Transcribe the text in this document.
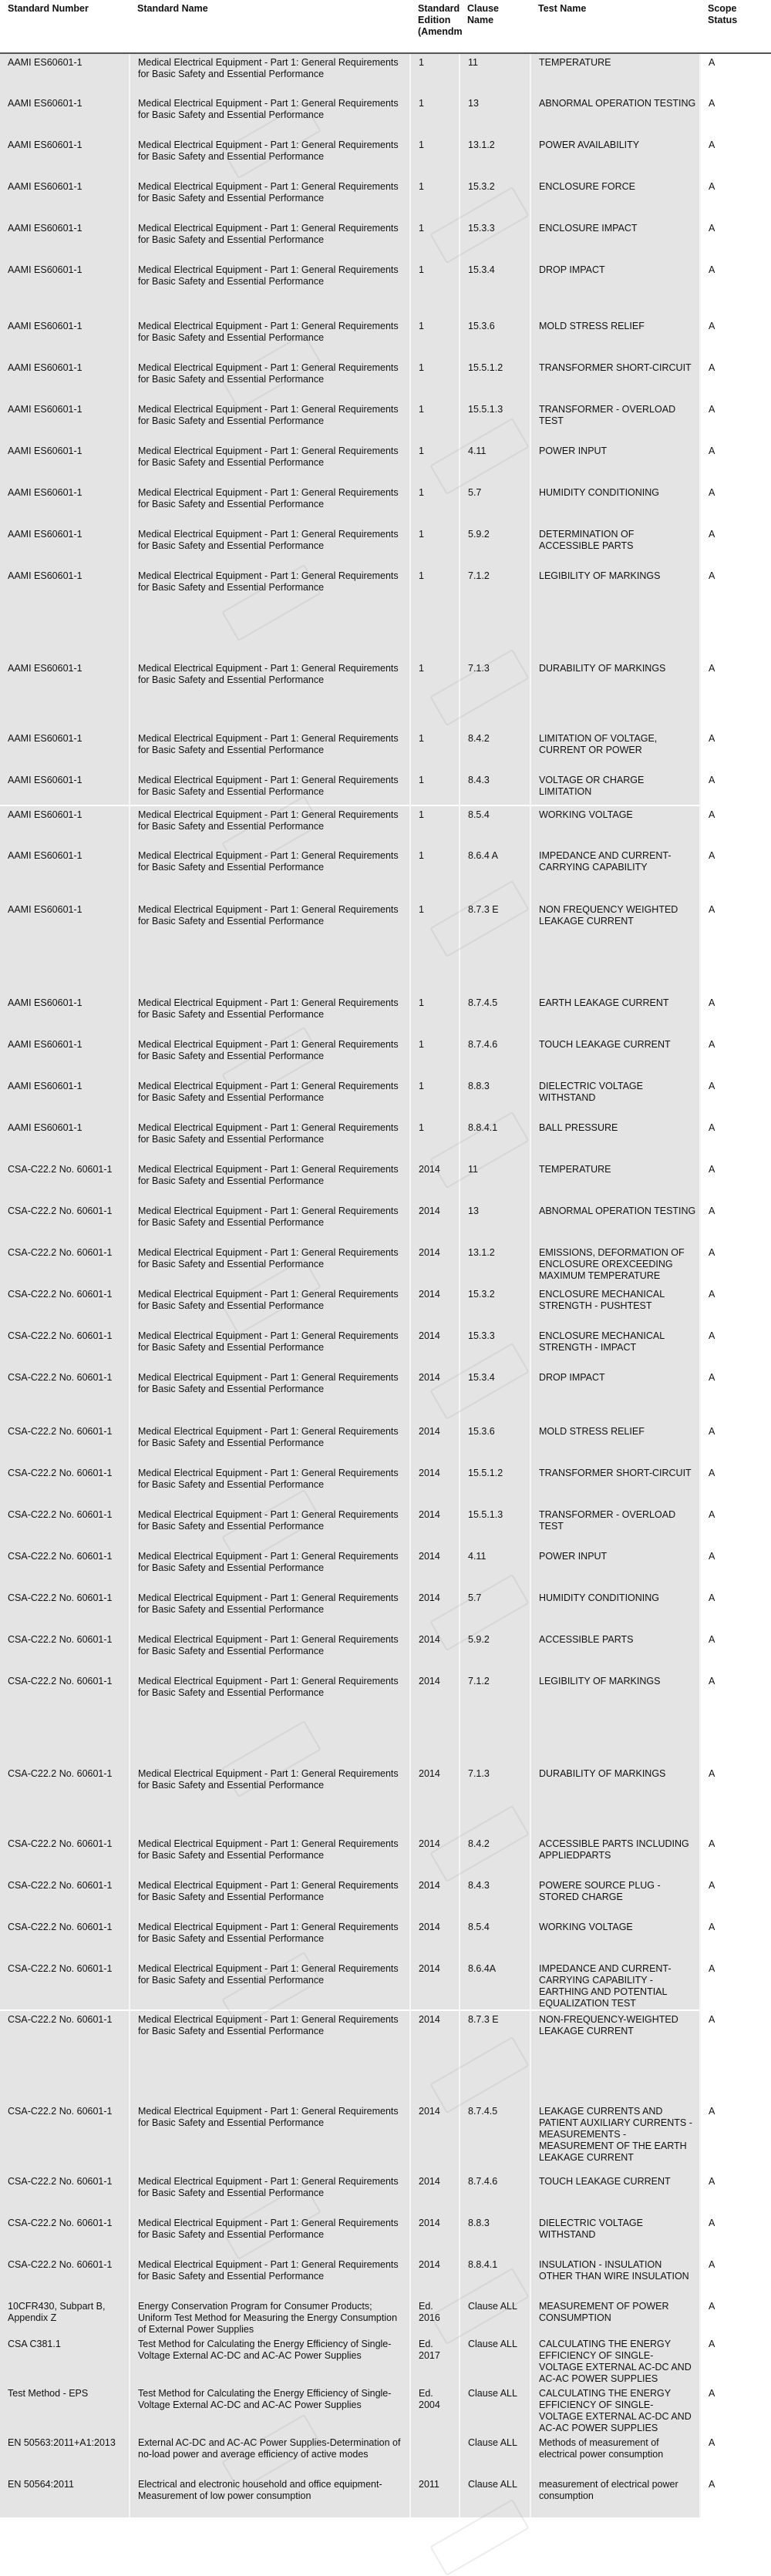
Standard Number	Standard Name	Standard Edition (Amendm	Clause Name	Test Name	Scope Status
AAMI ES60601-1	Medical Electrical Equipment - Part 1: General Requirements for Basic Safety and Essential Performance	1	11	TEMPERATURE	A
AAMI ES60601-1	Medical Electrical Equipment - Part 1: General Requirements for Basic Safety and Essential Performance	1	13	ABNORMAL OPERATION TESTING	A
AAMI ES60601-1	Medical Electrical Equipment - Part 1: General Requirements for Basic Safety and Essential Performance	1	13.1.2	POWER AVAILABILITY	A
AAMI ES60601-1	Medical Electrical Equipment - Part 1: General Requirements for Basic Safety and Essential Performance	1	15.3.2	ENCLOSURE FORCE	A
AAMI ES60601-1	Medical Electrical Equipment - Part 1: General Requirements for Basic Safety and Essential Performance	1	15.3.3	ENCLOSURE IMPACT	A
AAMI ES60601-1	Medical Electrical Equipment - Part 1: General Requirements for Basic Safety and Essential Performance	1	15.3.4	DROP IMPACT	A
AAMI ES60601-1	Medical Electrical Equipment - Part 1: General Requirements for Basic Safety and Essential Performance	1	15.3.6	MOLD STRESS RELIEF	A
AAMI ES60601-1	Medical Electrical Equipment - Part 1: General Requirements for Basic Safety and Essential Performance	1	15.5.1.2	TRANSFORMER SHORT-CIRCUIT	A
AAMI ES60601-1	Medical Electrical Equipment - Part 1: General Requirements for Basic Safety and Essential Performance	1	15.5.1.3	TRANSFORMER - OVERLOAD TEST	A
AAMI ES60601-1	Medical Electrical Equipment - Part 1: General Requirements for Basic Safety and Essential Performance	1	4.11	POWER INPUT	A
AAMI ES60601-1	Medical Electrical Equipment - Part 1: General Requirements for Basic Safety and Essential Performance	1	5.7	HUMIDITY CONDITIONING	A
AAMI ES60601-1	Medical Electrical Equipment - Part 1: General Requirements for Basic Safety and Essential Performance	1	5.9.2	DETERMINATION OF ACCESSIBLE PARTS	A
AAMI ES60601-1	Medical Electrical Equipment - Part 1: General Requirements for Basic Safety and Essential Performance	1	7.1.2	LEGIBILITY OF MARKINGS	A
AAMI ES60601-1	Medical Electrical Equipment - Part 1: General Requirements for Basic Safety and Essential Performance	1	7.1.3	DURABILITY OF MARKINGS	A
AAMI ES60601-1	Medical Electrical Equipment - Part 1: General Requirements for Basic Safety and Essential Performance	1	8.4.2	LIMITATION OF VOLTAGE, CURRENT OR POWER	A
AAMI ES60601-1	Medical Electrical Equipment - Part 1: General Requirements for Basic Safety and Essential Performance	1	8.4.3	VOLTAGE OR CHARGE LIMITATION	A
AAMI ES60601-1	Medical Electrical Equipment - Part 1: General Requirements for Basic Safety and Essential Performance	1	8.5.4	WORKING VOLTAGE	A
AAMI ES60601-1	Medical Electrical Equipment - Part 1: General Requirements for Basic Safety and Essential Performance	1	8.6.4 A	IMPEDANCE AND CURRENT-CARRYING CAPABILITY	A
AAMI ES60601-1	Medical Electrical Equipment - Part 1: General Requirements for Basic Safety and Essential Performance	1	8.7.3 E	NON FREQUENCY WEIGHTED LEAKAGE CURRENT	A
AAMI ES60601-1	Medical Electrical Equipment - Part 1: General Requirements for Basic Safety and Essential Performance	1	8.7.4.5	EARTH LEAKAGE CURRENT	A
AAMI ES60601-1	Medical Electrical Equipment - Part 1: General Requirements for Basic Safety and Essential Performance	1	8.7.4.6	TOUCH LEAKAGE CURRENT	A
AAMI ES60601-1	Medical Electrical Equipment - Part 1: General Requirements for Basic Safety and Essential Performance	1	8.8.3	DIELECTRIC VOLTAGE WITHSTAND	A
AAMI ES60601-1	Medical Electrical Equipment - Part 1: General Requirements for Basic Safety and Essential Performance	1	8.8.4.1	BALL PRESSURE	A
CSA-C22.2 No. 60601-1	Medical Electrical Equipment - Part 1: General Requirements for Basic Safety and Essential Performance	2014	11	TEMPERATURE	A
CSA-C22.2 No. 60601-1	Medical Electrical Equipment - Part 1: General Requirements for Basic Safety and Essential Performance	2014	13	ABNORMAL OPERATION TESTING	A
CSA-C22.2 No. 60601-1	Medical Electrical Equipment - Part 1: General Requirements for Basic Safety and Essential Performance	2014	13.1.2	EMISSIONS, DEFORMATION OF ENCLOSURE OREXCEEDING MAXIMUM TEMPERATURE	A
CSA-C22.2 No. 60601-1	Medical Electrical Equipment - Part 1: General Requirements for Basic Safety and Essential Performance	2014	15.3.2	ENCLOSURE MECHANICAL STRENGTH - PUSHTEST	A
CSA-C22.2 No. 60601-1	Medical Electrical Equipment - Part 1: General Requirements for Basic Safety and Essential Performance	2014	15.3.3	ENCLOSURE MECHANICAL STRENGTH - IMPACT	A
CSA-C22.2 No. 60601-1	Medical Electrical Equipment - Part 1: General Requirements for Basic Safety and Essential Performance	2014	15.3.4	DROP IMPACT	A
CSA-C22.2 No. 60601-1	Medical Electrical Equipment - Part 1: General Requirements for Basic Safety and Essential Performance	2014	15.3.6	MOLD STRESS RELIEF	A
CSA-C22.2 No. 60601-1	Medical Electrical Equipment - Part 1: General Requirements for Basic Safety and Essential Performance	2014	15.5.1.2	TRANSFORMER SHORT-CIRCUIT	A
CSA-C22.2 No. 60601-1	Medical Electrical Equipment - Part 1: General Requirements for Basic Safety and Essential Performance	2014	15.5.1.3	TRANSFORMER - OVERLOAD TEST	A
CSA-C22.2 No. 60601-1	Medical Electrical Equipment - Part 1: General Requirements for Basic Safety and Essential Performance	2014	4.11	POWER INPUT	A
CSA-C22.2 No. 60601-1	Medical Electrical Equipment - Part 1: General Requirements for Basic Safety and Essential Performance	2014	5.7	HUMIDITY CONDITIONING	A
CSA-C22.2 No. 60601-1	Medical Electrical Equipment - Part 1: General Requirements for Basic Safety and Essential Performance	2014	5.9.2	ACCESSIBLE PARTS	A
CSA-C22.2 No. 60601-1	Medical Electrical Equipment - Part 1: General Requirements for Basic Safety and Essential Performance	2014	7.1.2	LEGIBILITY OF MARKINGS	A
CSA-C22.2 No. 60601-1	Medical Electrical Equipment - Part 1: General Requirements for Basic Safety and Essential Performance	2014	7.1.3	DURABILITY OF MARKINGS	A
CSA-C22.2 No. 60601-1	Medical Electrical Equipment - Part 1: General Requirements for Basic Safety and Essential Performance	2014	8.4.2	ACCESSIBLE PARTS INCLUDING APPLIEDPARTS	A
CSA-C22.2 No. 60601-1	Medical Electrical Equipment - Part 1: General Requirements for Basic Safety and Essential Performance	2014	8.4.3	POWERE SOURCE PLUG - STORED CHARGE	A
CSA-C22.2 No. 60601-1	Medical Electrical Equipment - Part 1: General Requirements for Basic Safety and Essential Performance	2014	8.5.4	WORKING VOLTAGE	A
CSA-C22.2 No. 60601-1	Medical Electrical Equipment - Part 1: General Requirements for Basic Safety and Essential Performance	2014	8.6.4A	IMPEDANCE AND CURRENT-CARRYING CAPABILITY - EARTHING AND POTENTIAL EQUALIZATION TEST	A
CSA-C22.2 No. 60601-1	Medical Electrical Equipment - Part 1: General Requirements for Basic Safety and Essential Performance	2014	8.7.3 E	NON-FREQUENCY-WEIGHTED LEAKAGE CURRENT	A
CSA-C22.2 No. 60601-1	Medical Electrical Equipment - Part 1: General Requirements for Basic Safety and Essential Performance	2014	8.7.4.5	LEAKAGE CURRENTS AND PATIENT AUXILIARY CURRENTS - MEASUREMENTS - MEASUREMENT OF THE EARTH LEAKAGE CURRENT	A
CSA-C22.2 No. 60601-1	Medical Electrical Equipment - Part 1: General Requirements for Basic Safety and Essential Performance	2014	8.7.4.6	TOUCH LEAKAGE CURRENT	A
CSA-C22.2 No. 60601-1	Medical Electrical Equipment - Part 1: General Requirements for Basic Safety and Essential Performance	2014	8.8.3	DIELECTRIC VOLTAGE WITHSTAND	A
CSA-C22.2 No. 60601-1	Medical Electrical Equipment - Part 1: General Requirements for Basic Safety and Essential Performance	2014	8.8.4.1	INSULATION - INSULATION OTHER THAN WIRE INSULATION	A
10CFR430, Subpart B, Appendix Z	Energy Conservation Program for Consumer Products; Uniform Test Method for Measuring the Energy Consumption of External Power Supplies	Ed. 2016	Clause ALL	MEASUREMENT OF POWER CONSUMPTION	A
CSA C381.1	Test Method for Calculating the Energy Efficiency of Single-Voltage External AC-DC and AC-AC Power Supplies	Ed. 2017	Clause ALL	CALCULATING THE ENERGY EFFICIENCY OF SINGLE-VOLTAGE EXTERNAL AC-DC AND AC-AC POWER SUPPLIES	A
Test Method - EPS	Test Method for Calculating the Energy Efficiency of Single-Voltage External AC-DC and AC-AC Power Supplies	Ed. 2004	Clause ALL	CALCULATING THE ENERGY EFFICIENCY OF SINGLE-VOLTAGE EXTERNAL AC-DC AND AC-AC POWER SUPPLIES	A
EN 50563:2011+A1:2013	External AC-DC and AC-AC Power Supplies-Determination of no-load power and average efficiency of active modes		Clause ALL	Methods of measurement of electrical power consumption	A
EN 50564:2011	Electrical and electronic household and office equipment-Measurement of low power consumption	2011	Clause ALL	measurement of electrical power consumption	A
